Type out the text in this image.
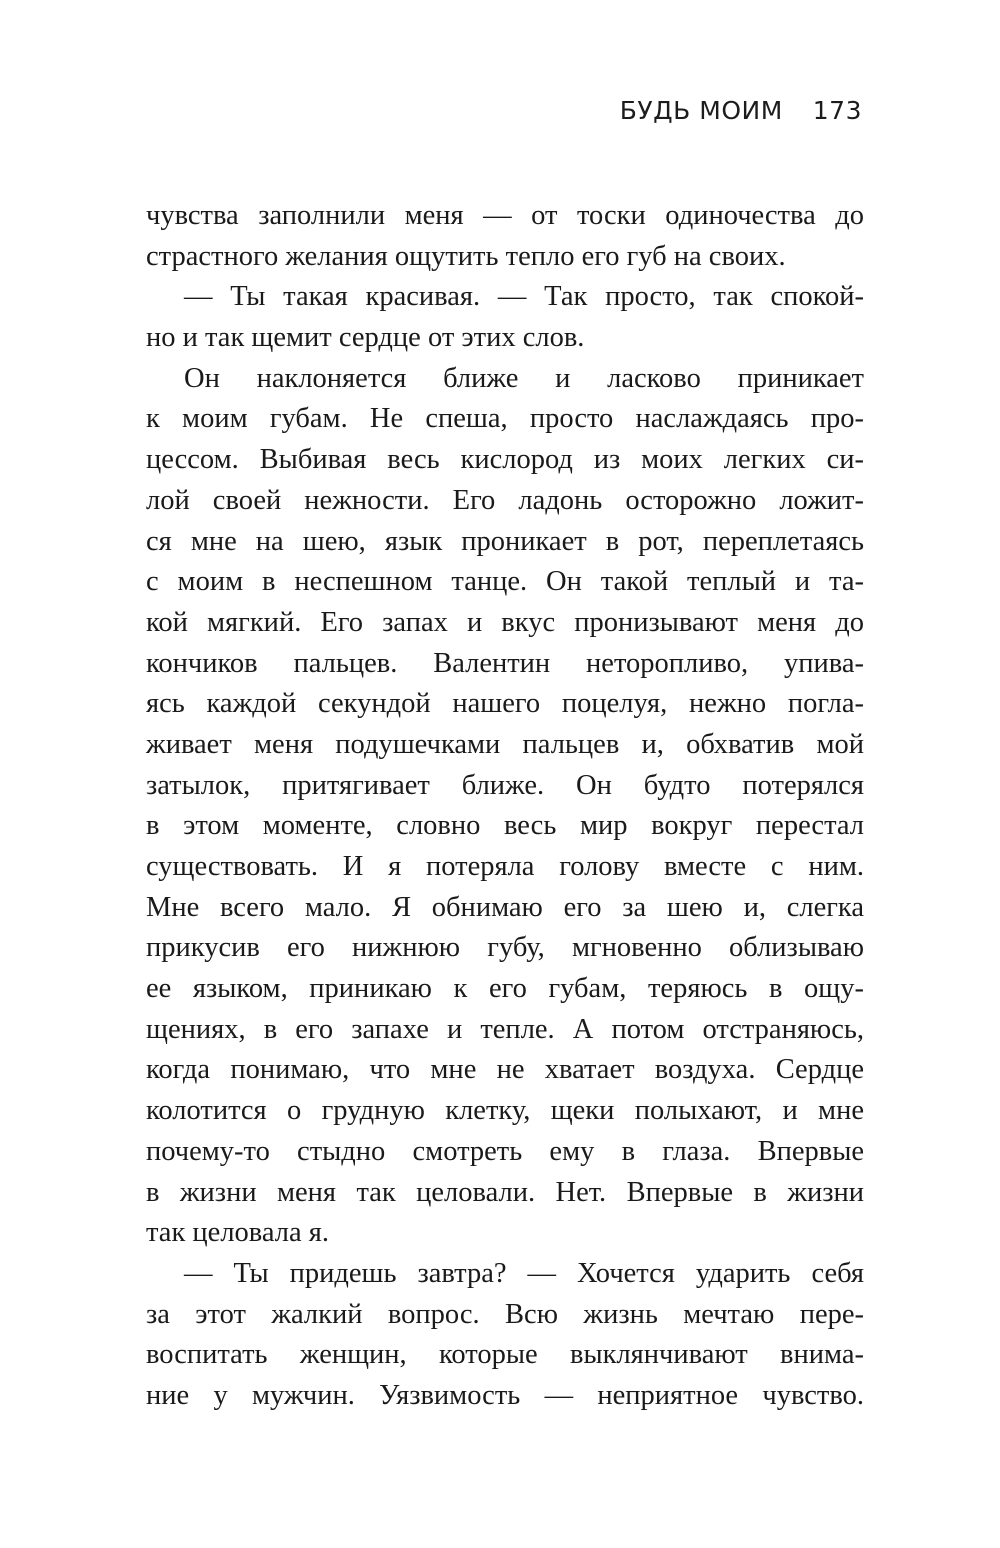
БУДЬ МОИМ 173
чувства заполнили меня — от тоски одиночества до
страстного желания ощутить тепло его губ на своих.
— Ты такая красивая. — Так просто, так спокой-
но и так щемит сердце от этих слов.
Он наклоняется ближе и ласково приникает
к моим губам. Не спеша, просто наслаждаясь про-
цессом. Выбивая весь кислород из моих легких си-
лой своей нежности. Его ладонь осторожно ложит-
ся мне на шею, язык проникает в рот, переплетаясь
с моим в неспешном танце. Он такой теплый и та-
кой мягкий. Его запах и вкус пронизывают меня до
кончиков пальцев. Валентин неторопливо, упива-
ясь каждой секундой нашего поцелуя, нежно погла-
живает меня подушечками пальцев и, обхватив мой
затылок, притягивает ближе. Он будто потерялся
в этом моменте, словно весь мир вокруг перестал
существовать. И я потеряла голову вместе с ним.
Мне всего мало. Я обнимаю его за шею и, слегка
прикусив его нижнюю губу, мгновенно облизываю
ее языком, приникаю к его губам, теряюсь в ощу-
щениях, в его запахе и тепле. А потом отстраняюсь,
когда понимаю, что мне не хватает воздуха. Сердце
колотится о грудную клетку, щеки полыхают, и мне
почему-то стыдно смотреть ему в глаза. Впервые
в жизни меня так целовали. Нет. Впервые в жизни
так целовала я.
— Ты придешь завтра? — Хочется ударить себя
за этот жалкий вопрос. Всю жизнь мечтаю пере-
воспитать женщин, которые выклянчивают внима-
ние у мужчин. Уязвимость — неприятное чувство.
